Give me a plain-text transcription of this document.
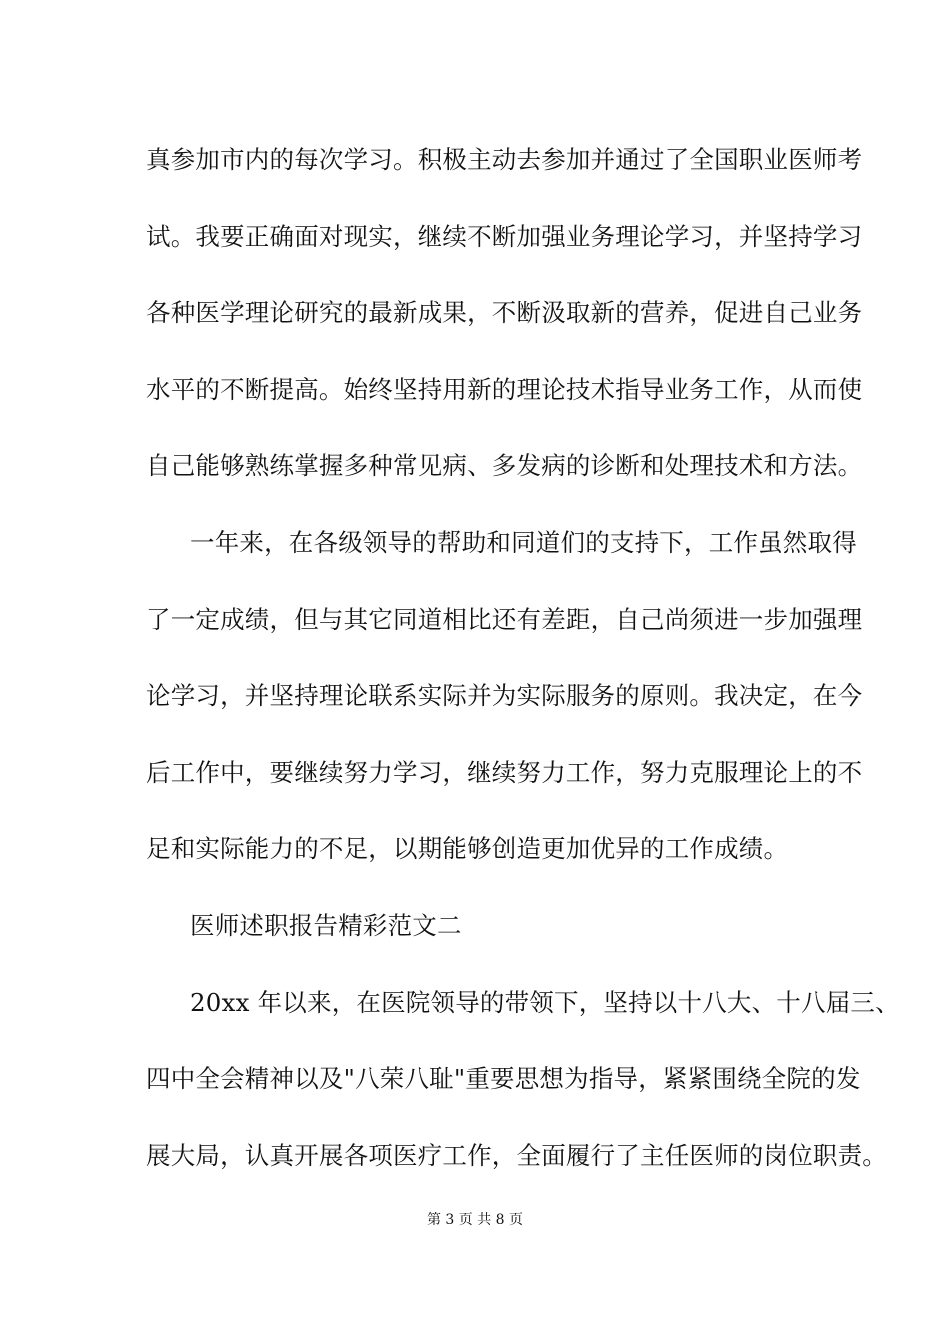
真参加市内的每次学习。积极主动去参加并通过了全国职业医师考
试。我要正确面对现实，继续不断加强业务理论学习，并坚持学习
各种医学理论研究的最新成果，不断汲取新的营养，促进自己业务
水平的不断提高。始终坚持用新的理论技术指导业务工作，从而使
自己能够熟练掌握多种常见病、多发病的诊断和处理技术和方法。
一年来，在各级领导的帮助和同道们的支持下，工作虽然取得
了一定成绩，但与其它同道相比还有差距，自己尚须进一步加强理
论学习，并坚持理论联系实际并为实际服务的原则。我决定，在今
后工作中，要继续努力学习，继续努力工作，努力克服理论上的不
足和实际能力的不足，以期能够创造更加优异的工作成绩。
医师述职报告精彩范文二
20xx 年以来，在医院领导的带领下，坚持以十八大、十八届三、
四中全会精神以及"八荣八耻"重要思想为指导，紧紧围绕全院的发
展大局，认真开展各项医疗工作，全面履行了主任医师的岗位职责。
第 3 页 共 8 页
